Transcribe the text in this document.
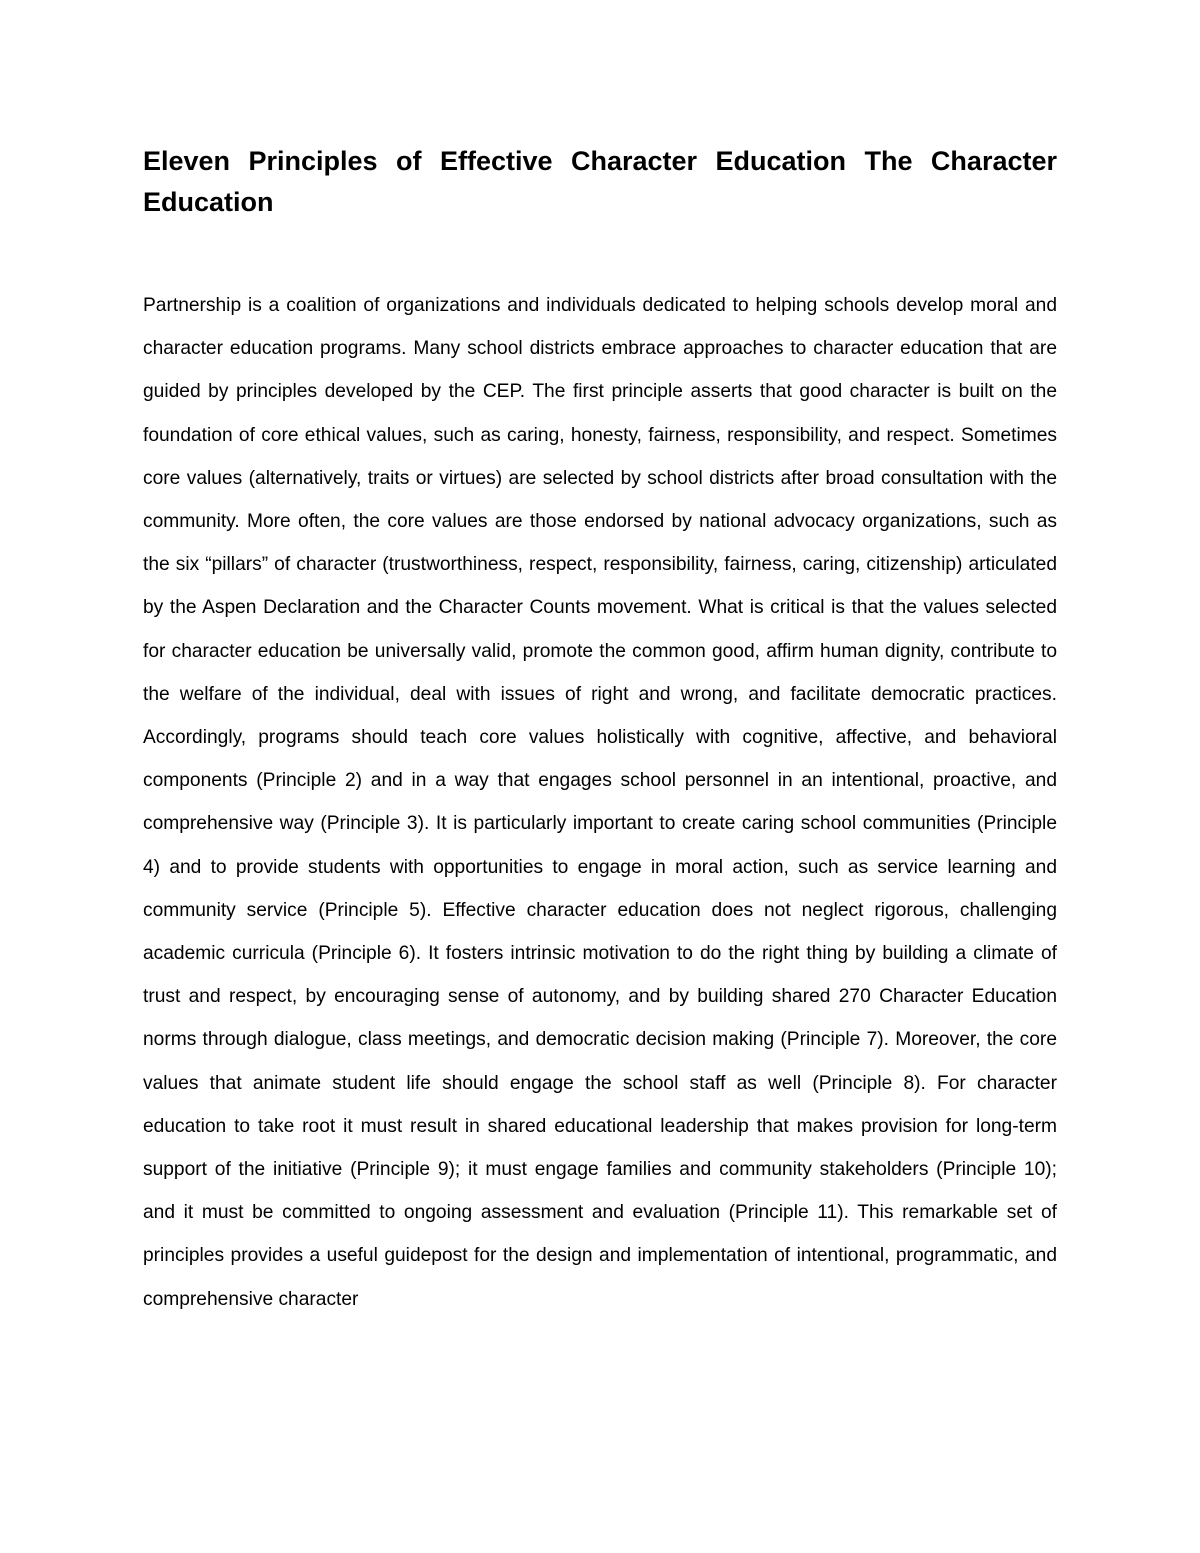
Eleven Principles of Effective Character Education The Character Education

Partnership is a coalition of organizations and individuals dedicated to helping schools develop moral and character education programs. Many school districts embrace approaches to character education that are guided by principles developed by the CEP. The first principle asserts that good character is built on the foundation of core ethical values, such as caring, honesty, fairness, responsibility, and respect. Sometimes core values (alternatively, traits or virtues) are selected by school districts after broad consultation with the community. More often, the core values are those endorsed by national advocacy organizations, such as the six “pillars” of character (trustworthiness, respect, responsibility, fairness, caring, citizenship) articulated by the Aspen Declaration and the Character Counts movement. What is critical is that the values selected for character education be universally valid, promote the common good, affirm human dignity, contribute to the welfare of the individual, deal with issues of right and wrong, and facilitate democratic practices. Accordingly, programs should teach core values holistically with cognitive, affective, and behavioral components (Principle 2) and in a way that engages school personnel in an intentional, proactive, and comprehensive way (Principle 3). It is particularly important to create caring school communities (Principle 4) and to provide students with opportunities to engage in moral action, such as service learning and community service (Principle 5). Effective character education does not neglect rigorous, challenging academic curricula (Principle 6). It fosters intrinsic motivation to do the right thing by building a climate of trust and respect, by encouraging sense of autonomy, and by building shared 270 Character Education norms through dialogue, class meetings, and democratic decision making (Principle 7). Moreover, the core values that animate student life should engage the school staff as well (Principle 8). For character education to take root it must result in shared educational leadership that makes provision for long-term support of the initiative (Principle 9); it must engage families and community stakeholders (Principle 10); and it must be committed to ongoing assessment and evaluation (Principle 11). This remarkable set of principles provides a useful guidepost for the design and implementation of intentional, programmatic, and comprehensive character
